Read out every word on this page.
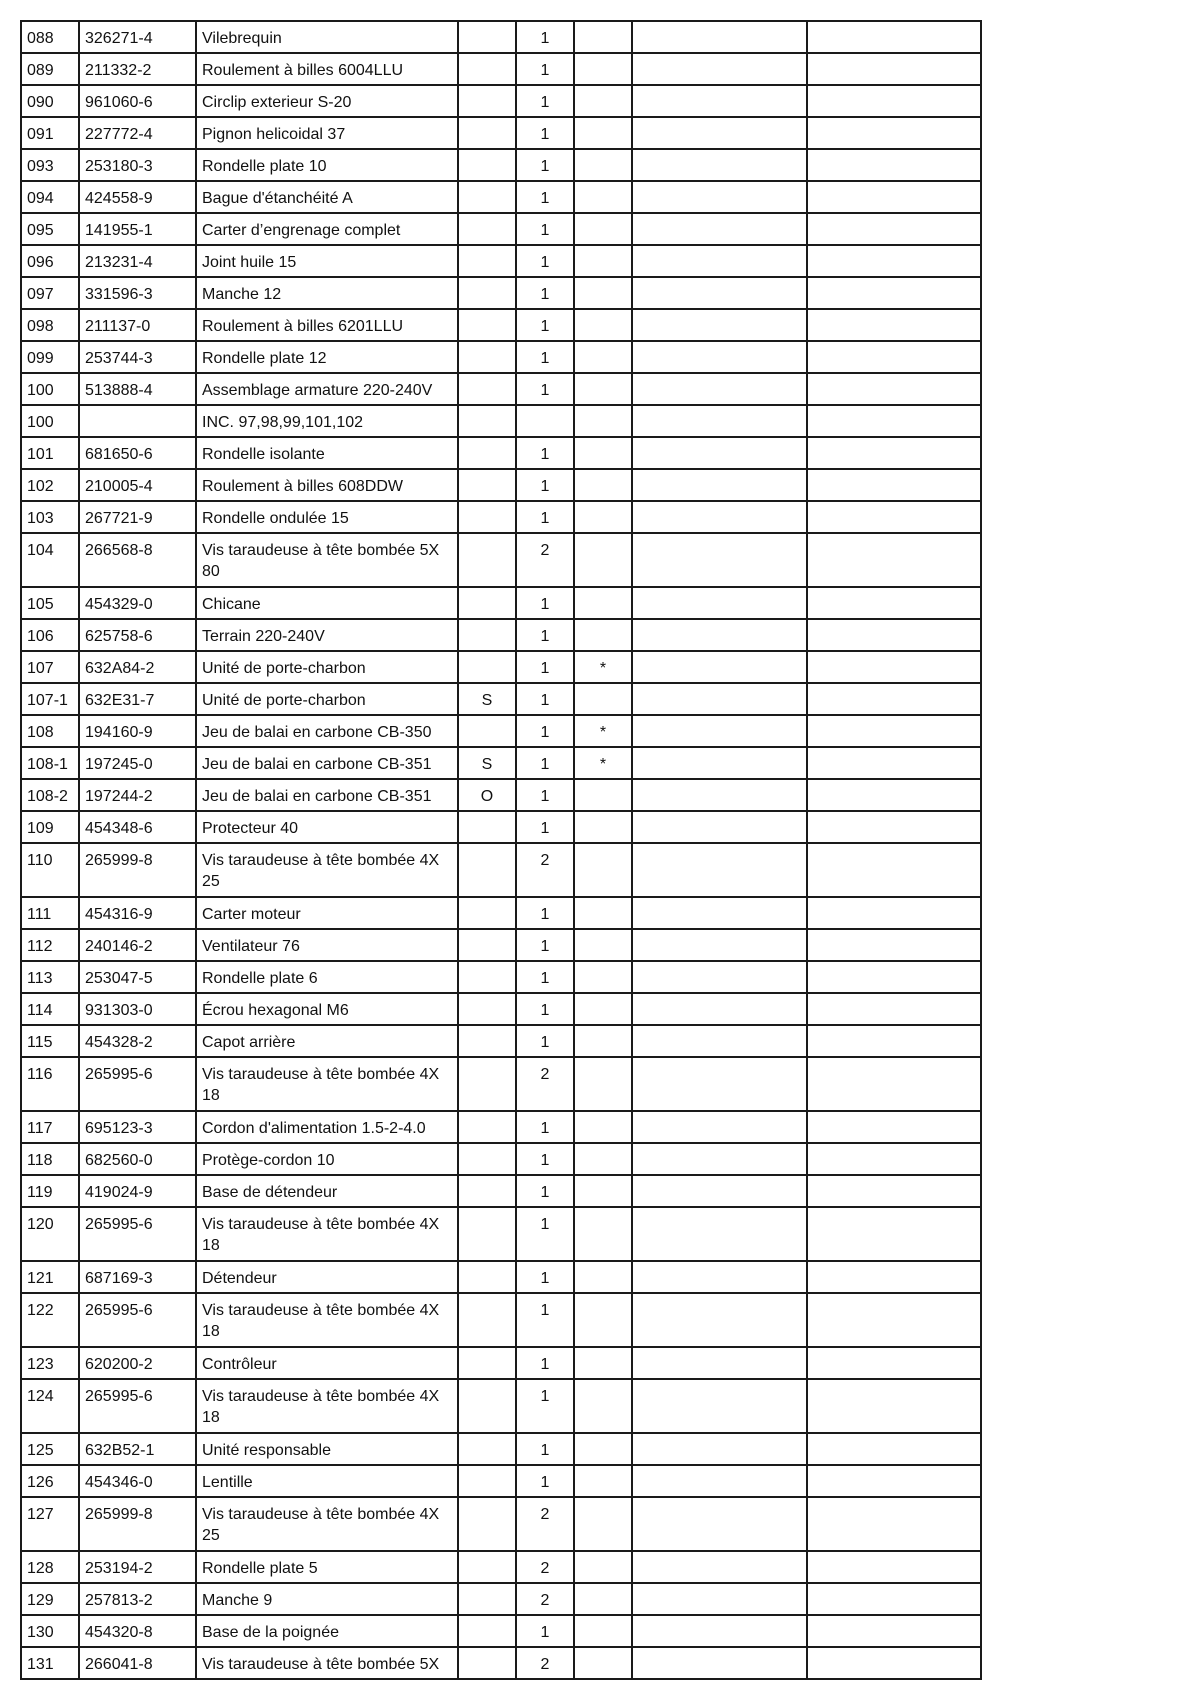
088	326271-4	Vilebrequin		1			
089	211332-2	Roulement à billes 6004LLU		1			
090	961060-6	Circlip exterieur S-20		1			
091	227772-4	Pignon helicoidal 37		1			
093	253180-3	Rondelle plate 10		1			
094	424558-9	Bague d'étanchéité A		1			
095	141955-1	Carter d’engrenage complet		1			
096	213231-4	Joint huile 15		1			
097	331596-3	Manche 12		1			
098	211137-0	Roulement à billes 6201LLU		1			
099	253744-3	Rondelle plate 12		1			
100	513888-4	Assemblage armature 220-240V		1			
100		INC. 97,98,99,101,102					
101	681650-6	Rondelle isolante		1			
102	210005-4	Roulement à billes 608DDW		1			
103	267721-9	Rondelle ondulée 15		1			
104	266568-8	Vis taraudeuse à tête bombée 5X 80		2			
105	454329-0	Chicane		1			
106	625758-6	Terrain 220-240V		1			
107	632A84-2	Unité de porte-charbon		1	*		
107-1	632E31-7	Unité de porte-charbon	S	1			
108	194160-9	Jeu de balai en carbone CB-350		1	*		
108-1	197245-0	Jeu de balai en carbone CB-351	S	1	*		
108-2	197244-2	Jeu de balai en carbone CB-351	O	1			
109	454348-6	Protecteur 40		1			
110	265999-8	Vis taraudeuse à tête bombée 4X 25		2			
111	454316-9	Carter moteur		1			
112	240146-2	Ventilateur 76		1			
113	253047-5	Rondelle plate 6		1			
114	931303-0	Écrou hexagonal M6		1			
115	454328-2	Capot arrière		1			
116	265995-6	Vis taraudeuse à tête bombée 4X 18		2			
117	695123-3	Cordon d'alimentation 1.5-2-4.0		1			
118	682560-0	Protège-cordon 10		1			
119	419024-9	Base de détendeur		1			
120	265995-6	Vis taraudeuse à tête bombée 4X 18		1			
121	687169-3	Détendeur		1			
122	265995-6	Vis taraudeuse à tête bombée 4X 18		1			
123	620200-2	Contrôleur		1			
124	265995-6	Vis taraudeuse à tête bombée 4X 18		1			
125	632B52-1	Unité responsable		1			
126	454346-0	Lentille		1			
127	265999-8	Vis taraudeuse à tête bombée 4X 25		2			
128	253194-2	Rondelle plate 5		2			
129	257813-2	Manche 9		2			
130	454320-8	Base de la poignée		1			
131	266041-8	Vis taraudeuse à tête bombée 5X		2			
